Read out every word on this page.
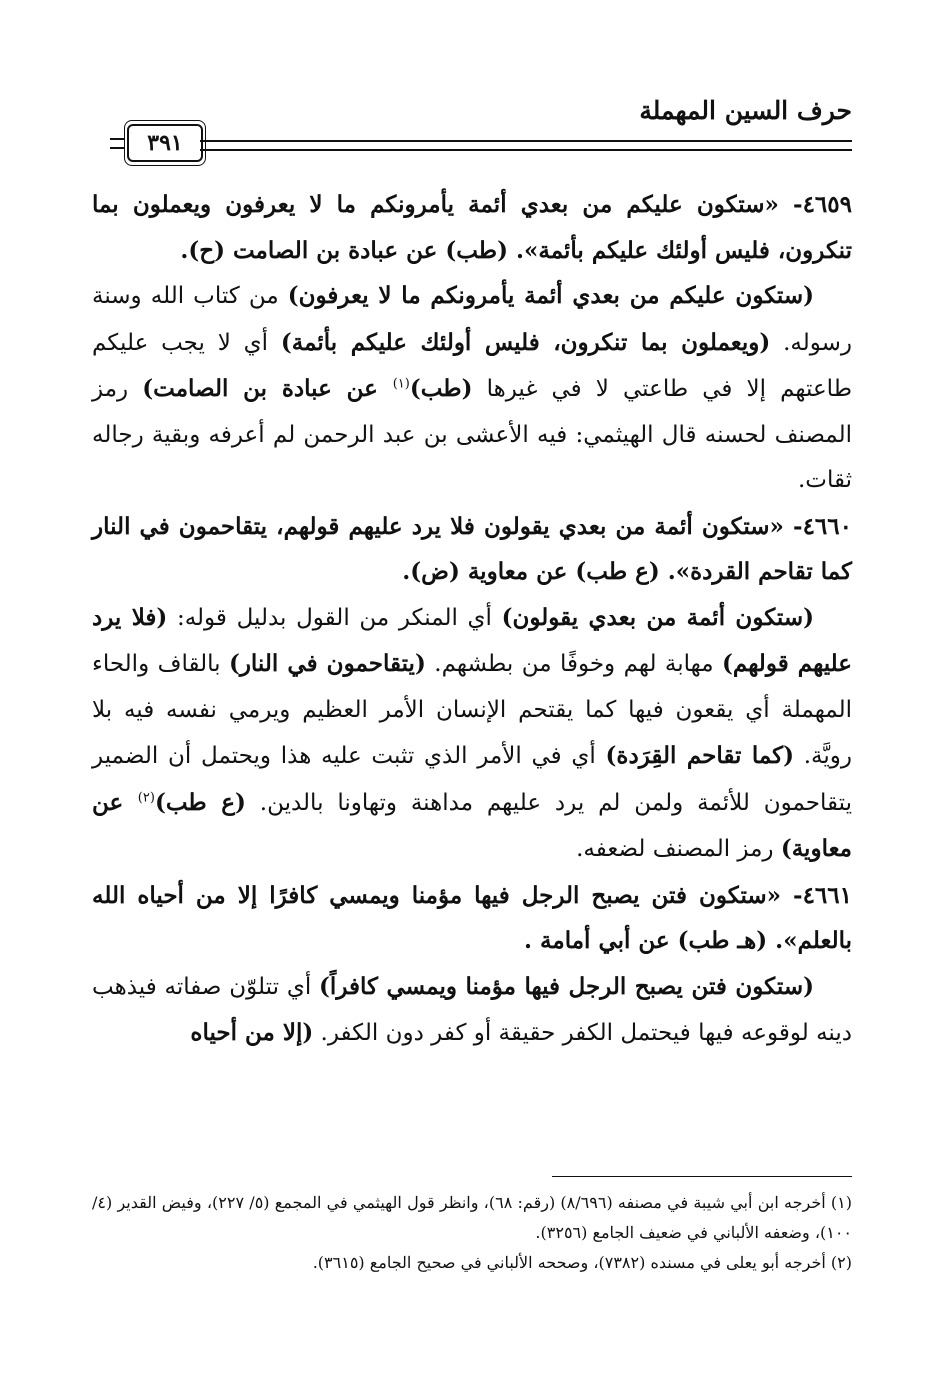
حرف السين المهملة
٣٩١

٤٦٥٩- «ستكون عليكم من بعدي أئمة يأمرونكم ما لا يعرفون ويعملون بما تنكرون، فليس أولئك عليكم بأئمة». (طب) عن عبادة بن الصامت (ح).

(ستكون عليكم من بعدي أئمة يأمرونكم ما لا يعرفون) من كتاب الله وسنة رسوله. (ويعملون بما تنكرون، فليس أولئك عليكم بأئمة) أي لا يجب عليكم طاعتهم إلا في طاعتي لا في غيرها (طب)$^{(١)}$ عن عبادة بن الصامت) رمز المصنف لحسنه قال الهيثمي: فيه الأعشى بن عبد الرحمن لم أعرفه وبقية رجاله ثقات.

٤٦٦٠- «ستكون أئمة من بعدي يقولون فلا يرد عليهم قولهم، يتقاحمون في النار كما تقاحم القردة». (ع طب) عن معاوية (ض).

(ستكون أئمة من بعدي يقولون) أي المنكر من القول بدليل قوله: (فلا يرد عليهم قولهم) مهابة لهم وخوفًا من بطشهم. (يتقاحمون في النار) بالقاف والحاء المهملة أي يقعون فيها كما يقتحم الإنسان الأمر العظيم ويرمي نفسه فيه بلا رويَّة. (كما تقاحم القِرَدة) أي في الأمر الذي تثبت عليه هذا ويحتمل أن الضمير يتقاحمون للأئمة ولمن لم يرد عليهم مداهنة وتهاونا بالدين. (ع طب)$^{(٢)}$ عن معاوية) رمز المصنف لضعفه.

٤٦٦١- «ستكون فتن يصبح الرجل فيها مؤمنا ويمسي كافرًا إلا من أحياه الله بالعلم». (هـ طب) عن أبي أمامة .

(ستكون فتن يصبح الرجل فيها مؤمنا ويمسي كافراً) أي تتلوّن صفاته فيذهب دينه لوقوعه فيها فيحتمل الكفر حقيقة أو كفر دون الكفر. (إلا من أحياه

(١) أخرجه ابن أبي شيبة في مصنفه (٨/٦٩٦) (رقم: ٦٨)، وانظر قول الهيثمي في المجمع (٥/ ٢٢٧)، وفيض القدير (٤/ ١٠٠)، وضعفه الألباني في ضعيف الجامع (٣٢٥٦).

(٢) أخرجه أبو يعلى في مسنده (٧٣٨٢)، وصححه الألباني في صحيح الجامع (٣٦١٥).
